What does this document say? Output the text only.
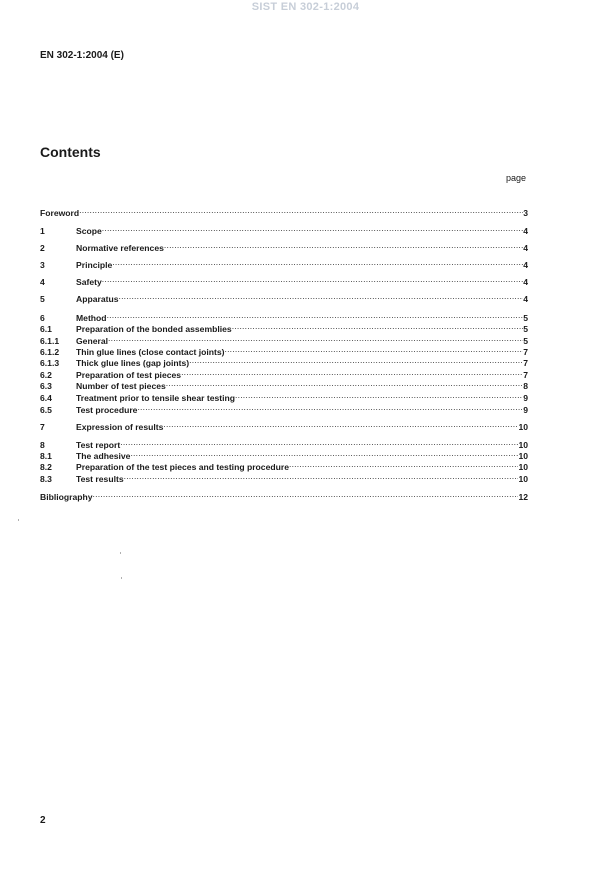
SIST EN 302-1:2004
EN 302-1:2004 (E)
Contents
page
Foreword .....	3
1	Scope .....	4
2	Normative references .....	4
3	Principle .....	4
4	Safety .....	4
5	Apparatus .....	4
6	Method .....	5
6.1	Preparation of the bonded assemblies .....	5
6.1.1	General .....	5
6.1.2	Thin glue lines (close contact joints) .....	7
6.1.3	Thick glue lines (gap joints) .....	7
6.2	Preparation of test pieces .....	7
6.3	Number of test pieces .....	8
6.4	Treatment prior to tensile shear testing .....	9
6.5	Test procedure .....	9
7	Expression of results .....	10
8	Test report .....	10
8.1	The adhesive .....	10
8.2	Preparation of the test pieces and testing procedure .....	10
8.3	Test results .....	10
Bibliography .....	12
2
